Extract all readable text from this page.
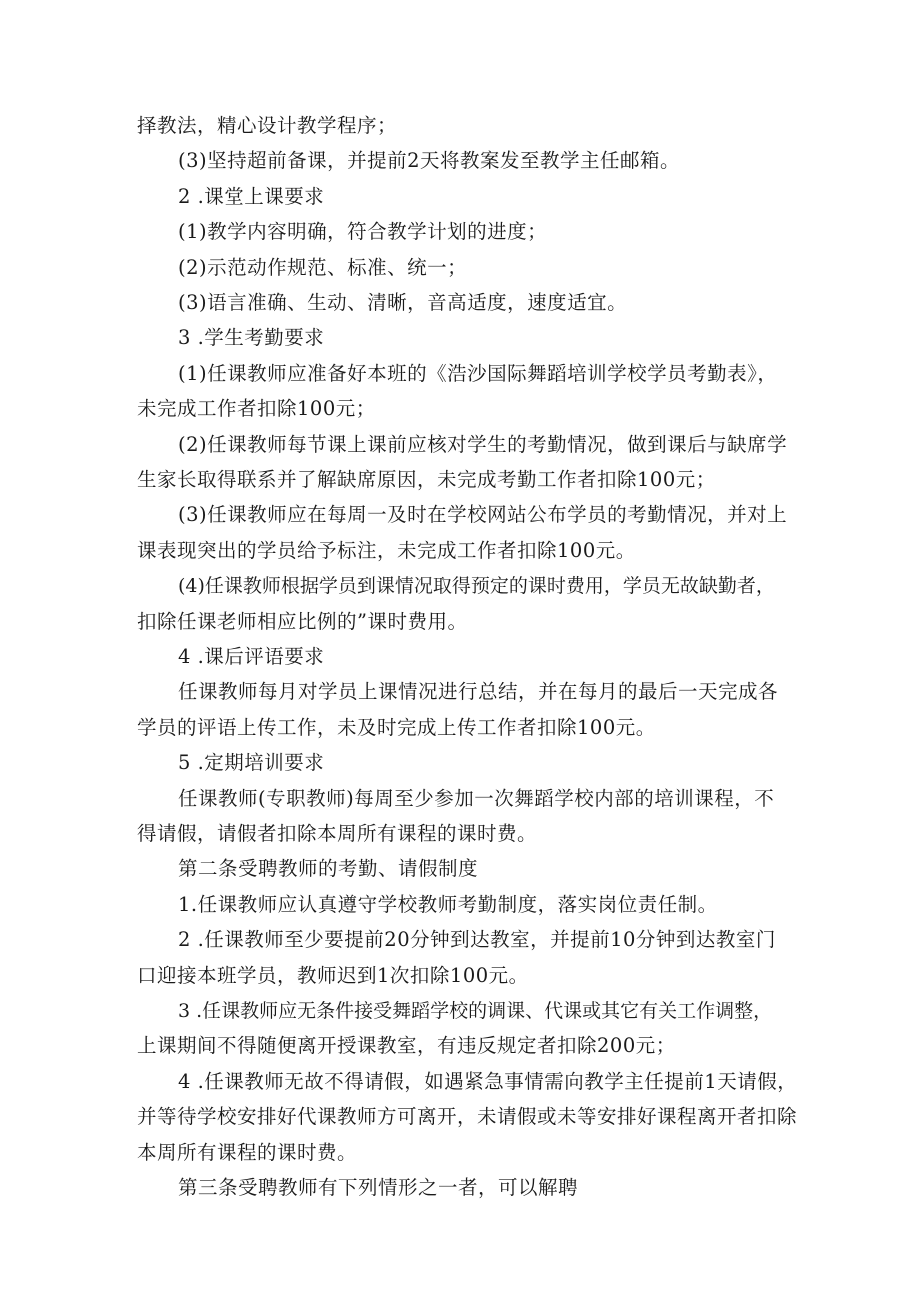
择教法，精心设计教学程序；
(3)坚持超前备课，并提前2天将教案发至教学主任邮箱。
2 .课堂上课要求
(1)教学内容明确，符合教学计划的进度；
(2)示范动作规范、标准、统一；
(3)语言准确、生动、清晰，音高适度，速度适宜。
3 .学生考勤要求
(1)任课教师应准备好本班的《浩沙国际舞蹈培训学校学员考勤表》，
未完成工作者扣除100元；
(2)任课教师每节课上课前应核对学生的考勤情况，做到课后与缺席学
生家长取得联系并了解缺席原因，未完成考勤工作者扣除100元；
(3)任课教师应在每周一及时在学校网站公布学员的考勤情况，并对上
课表现突出的学员给予标注，未完成工作者扣除100元。
(4)任课教师根据学员到课情况取得预定的课时费用，学员无故缺勤者，
扣除任课老师相应比例的”课时费用。
4 .课后评语要求
任课教师每月对学员上课情况进行总结，并在每月的最后一天完成各
学员的评语上传工作，未及时完成上传工作者扣除100元。
5 .定期培训要求
任课教师(专职教师)每周至少参加一次舞蹈学校内部的培训课程，不
得请假，请假者扣除本周所有课程的课时费。
第二条受聘教师的考勤、请假制度
1.任课教师应认真遵守学校教师考勤制度，落实岗位责任制。
2 .任课教师至少要提前20分钟到达教室，并提前10分钟到达教室门
口迎接本班学员，教师迟到1次扣除100元。
3 .任课教师应无条件接受舞蹈学校的调课、代课或其它有关工作调整，
上课期间不得随便离开授课教室，有违反规定者扣除200元；
4 .任课教师无故不得请假，如遇紧急事情需向教学主任提前1天请假，
并等待学校安排好代课教师方可离开，未请假或未等安排好课程离开者扣除
本周所有课程的课时费。
第三条受聘教师有下列情形之一者，可以解聘
